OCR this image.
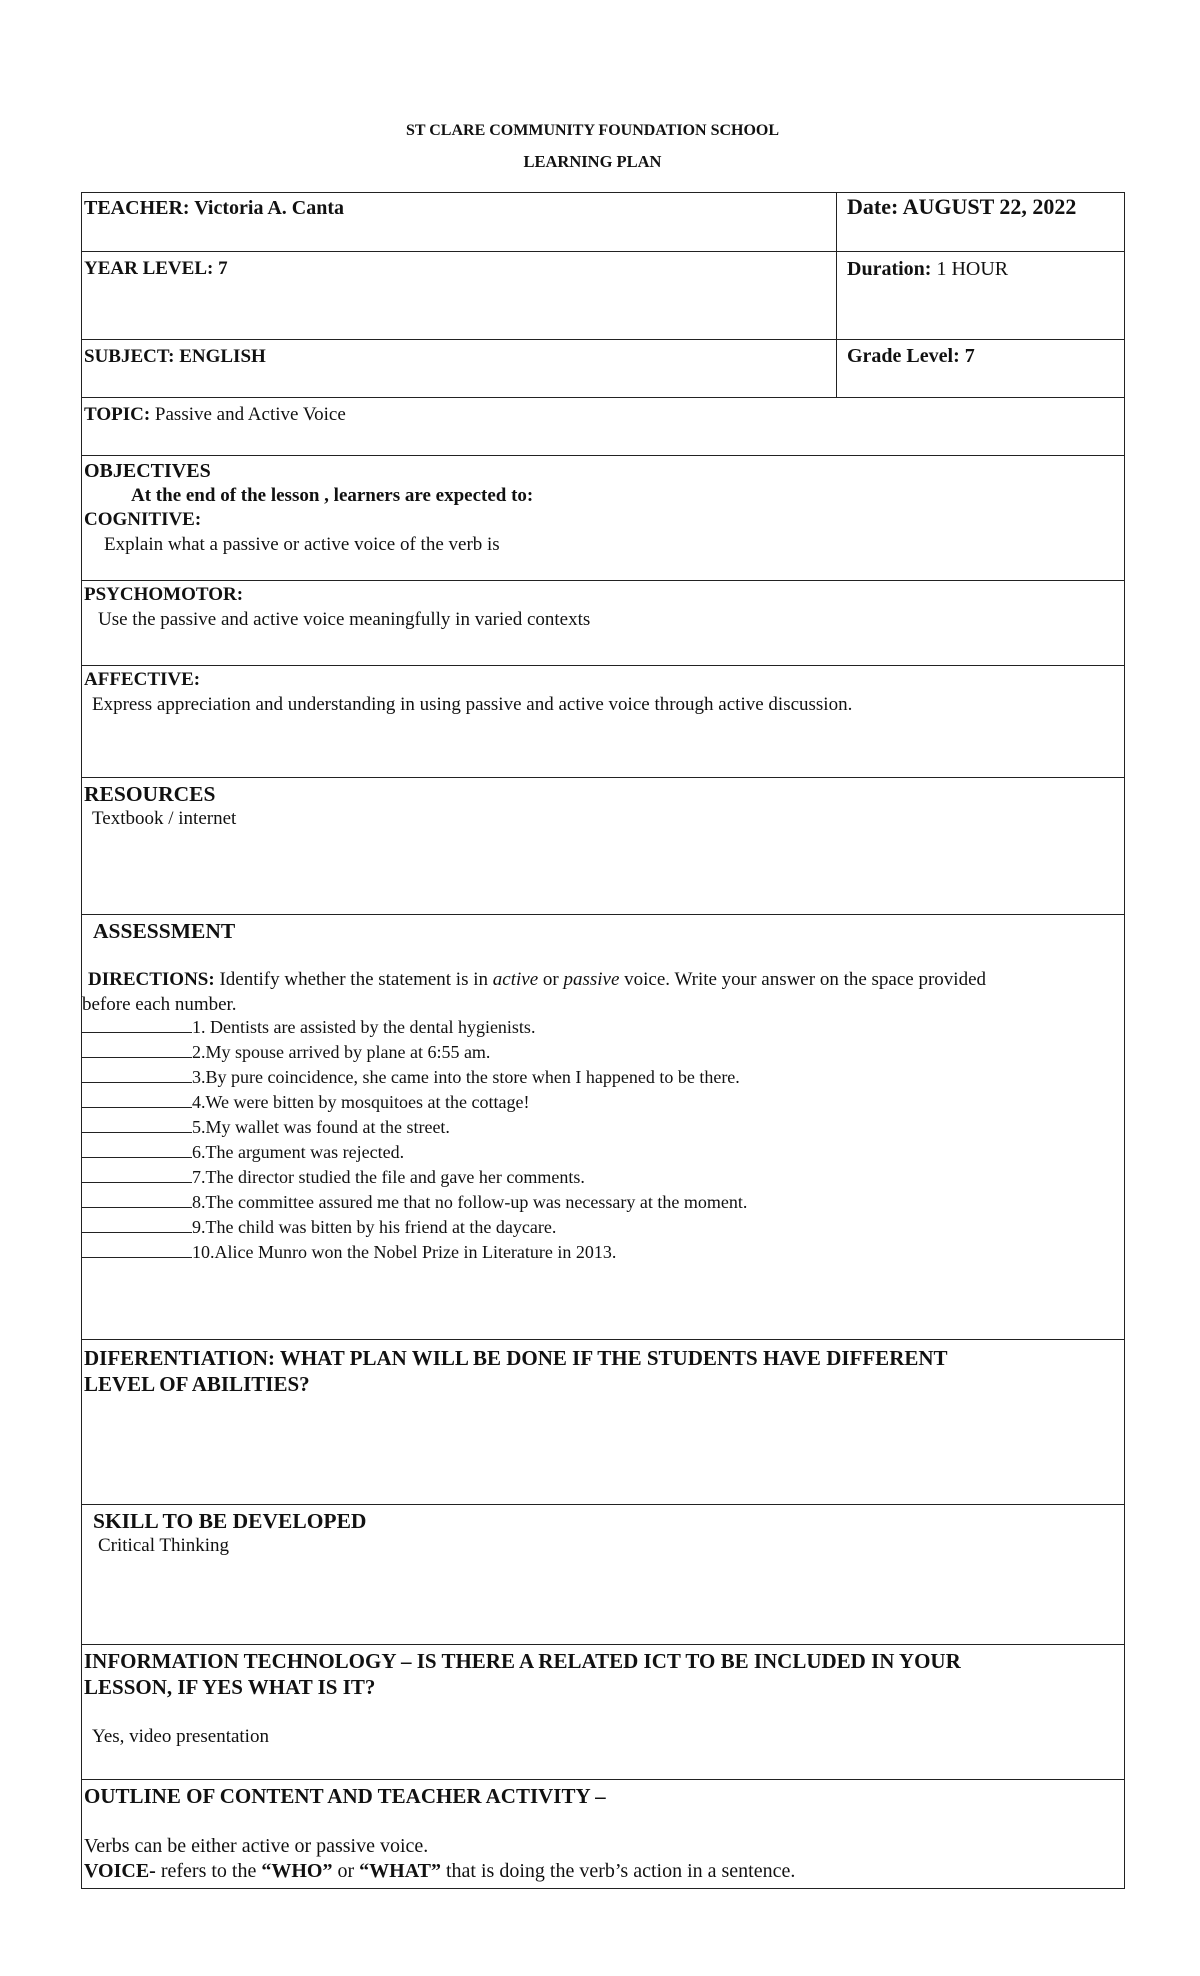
ST CLARE COMMUNITY FOUNDATION SCHOOL
LEARNING PLAN
TEACHER: Victoria A. Canta	Date: AUGUST 22, 2022
YEAR LEVEL: 7	Duration: 1 HOUR
SUBJECT: ENGLISH	Grade Level: 7
TOPIC: Passive and Active Voice
OBJECTIVES
At the end of the lesson , learners are expected to:
COGNITIVE:
Explain what a passive or active voice of the verb is
PSYCHOMOTOR:
Use the passive and active voice meaningfully in varied contexts
AFFECTIVE:
Express appreciation and understanding in using passive and active voice through active discussion.
RESOURCES
Textbook / internet
ASSESSMENT
DIRECTIONS: Identify whether the statement is in active or passive voice. Write your answer on the space provided
before each number.
1. Dentists are assisted by the dental hygienists.
2.My spouse arrived by plane at 6:55 am.
3.By pure coincidence, she came into the store when I happened to be there.
4.We were bitten by mosquitoes at the cottage!
5.My wallet was found at the street.
6.The argument was rejected.
7.The director studied the file and gave her comments.
8.The committee assured me that no follow-up was necessary at the moment.
9.The child was bitten by his friend at the daycare.
10.Alice Munro won the Nobel Prize in Literature in 2013.
DIFERENTIATION: WHAT PLAN WILL BE DONE IF THE STUDENTS HAVE DIFFERENT
LEVEL OF ABILITIES?
SKILL TO BE DEVELOPED
Critical Thinking
INFORMATION TECHNOLOGY – IS THERE A RELATED ICT TO BE INCLUDED IN YOUR
LESSON, IF YES WHAT IS IT?
Yes, video presentation
OUTLINE OF CONTENT AND TEACHER ACTIVITY –
Verbs can be either active or passive voice.
VOICE- refers to the “WHO” or “WHAT” that is doing the verb’s action in a sentence.
